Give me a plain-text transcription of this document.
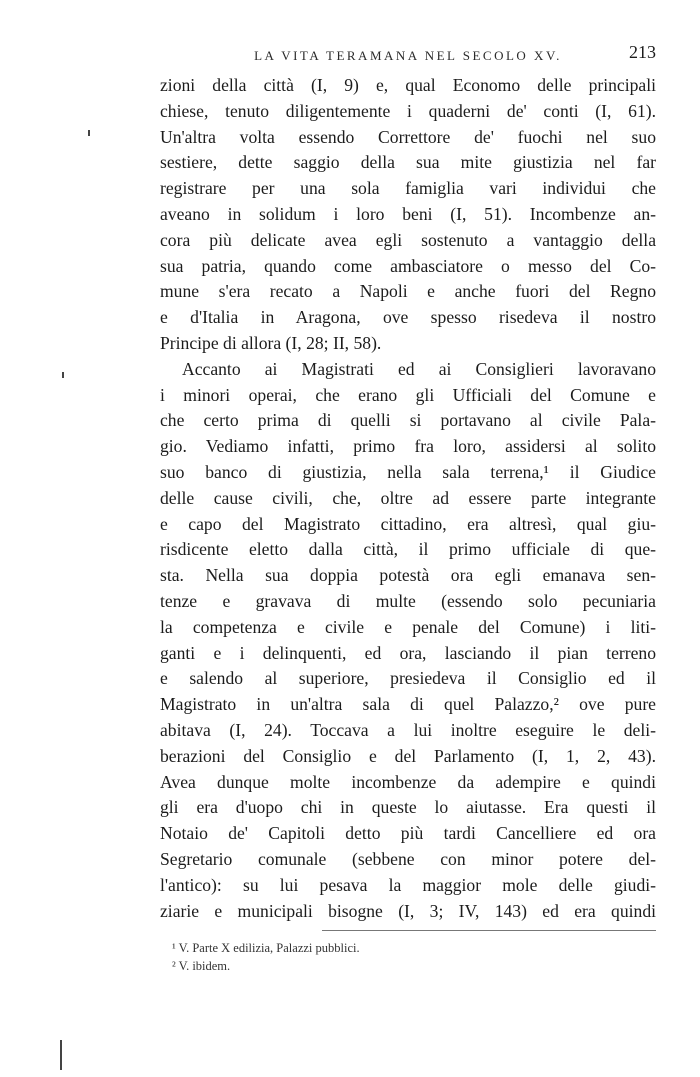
LA VITA TERAMANA NEL SECOLO XV.	213
zioni della città (I, 9) e, qual Economo delle principali
chiese, tenuto diligentemente i quaderni de' conti (I, 61).
Un'altra volta essendo Correttore de' fuochi nel suo
sestiere, dette saggio della sua mite giustizia nel far
registrare per una sola famiglia vari individui che
aveano in solidum i loro beni (I, 51). Incombenze an-
cora più delicate avea egli sostenuto a vantaggio della
sua patria, quando come ambasciatore o messo del Co-
mune s'era recato a Napoli e anche fuori del Regno
e d'Italia in Aragona, ove spesso risedeva il nostro
Principe di allora (I, 28; II, 58).
Accanto ai Magistrati ed ai Consiglieri lavoravano
i minori operai, che erano gli Ufficiali del Comune e
che certo prima di quelli si portavano al civile Pala-
gio. Vediamo infatti, primo fra loro, assidersi al solito
suo banco di giustizia, nella sala terrena,¹ il Giudice
delle cause civili, che, oltre ad essere parte integrante
e capo del Magistrato cittadino, era altresì, qual giu-
risdicente eletto dalla città, il primo ufficiale di que-
sta. Nella sua doppia potestà ora egli emanava sen-
tenze e gravava di multe (essendo solo pecuniaria
la competenza e civile e penale del Comune) i liti-
ganti e i delinquenti, ed ora, lasciando il pian terreno
e salendo al superiore, presiedeva il Consiglio ed il
Magistrato in un'altra sala di quel Palazzo,² ove pure
abitava (I, 24). Toccava a lui inoltre eseguire le deli-
berazioni del Consiglio e del Parlamento (I, 1, 2, 43).
Avea dunque molte incombenze da adempire e quindi
gli era d'uopo chi in queste lo aiutasse. Era questi il
Notaio de' Capitoli detto più tardi Cancelliere ed ora
Segretario comunale (sebbene con minor potere del-
l'antico): su lui pesava la maggior mole delle giudi-
ziarie e municipali bisogne (I, 3; IV, 143) ed era quindi
¹ V. Parte X edilizia, Palazzi pubblici.
² V. ibidem.
